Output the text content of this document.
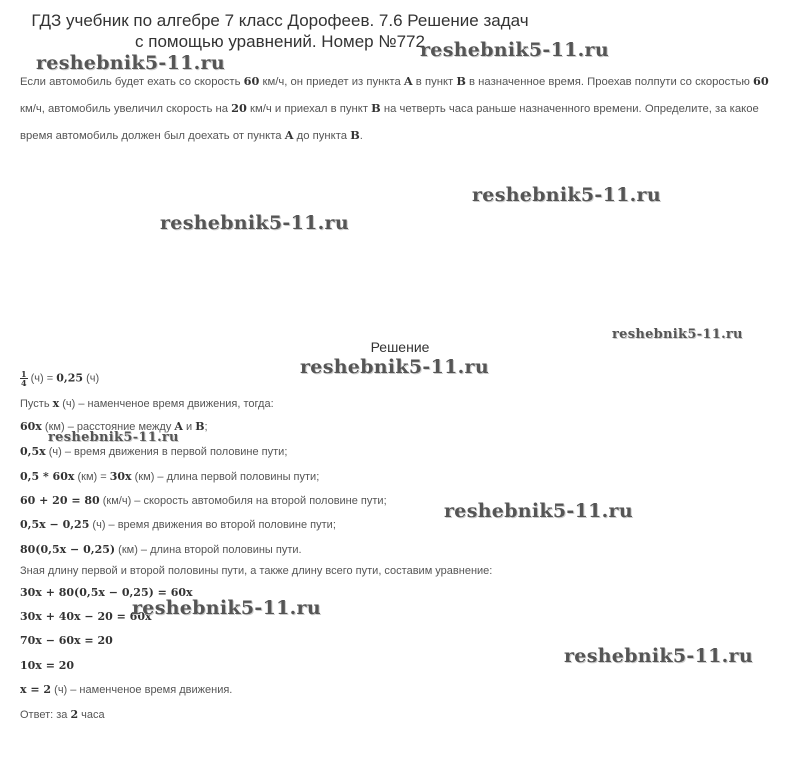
ГДЗ учебник по алгебре 7 класс Дорофеев. 7.6 Решение задач
с помощью уравнений. Номер №772
Если автомобиль будет ехать со скорость 60 км/ч, он приедет из пункта A в пункт B в назначенное время. Проехав полпути со скоростью 60 км/ч, автомобиль увеличил скорость на 20 км/ч и приехал в пункт B на четверть часа раньше назначенного времени. Определите, за какое время автомобиль должен был доехать от пункта A до пункта B.
Решение
$\frac{1}{4} (ч) = 0,25$ (ч)
Пусть x (ч) – наменченое время движения, тогда:
60x (км) – расстояние между A и B;
0,5x (ч) – время движения в первой половине пути;
0,5 * 60x (км) = 30x (км) – длина первой половины пути;
60 + 20 = 80 (км/ч) – скорость автомобиля на второй половине пути;
0,5x − 0,25 (ч) – время движения во второй половине пути;
80(0,5x − 0,25) (км) – длина второй половины пути.
Зная длину первой и второй половины пути, а также длину всего пути, составим уравнение:
30x + 80(0,5x − 0,25) = 60x
30x + 40x − 20 = 60x
70x − 60x = 20
10x = 20
x = 2 (ч) – наменченое время движения.
Ответ: за 2 часа
reshebnik5-11.ru
reshebnik5-11.ru
reshebnik5-11.ru
reshebnik5-11.ru
reshebnik5-11.ru
reshebnik5-11.ru
reshebnik5-11.ru
reshebnik5-11.ru
reshebnik5-11.ru
reshebnik5-11.ru
